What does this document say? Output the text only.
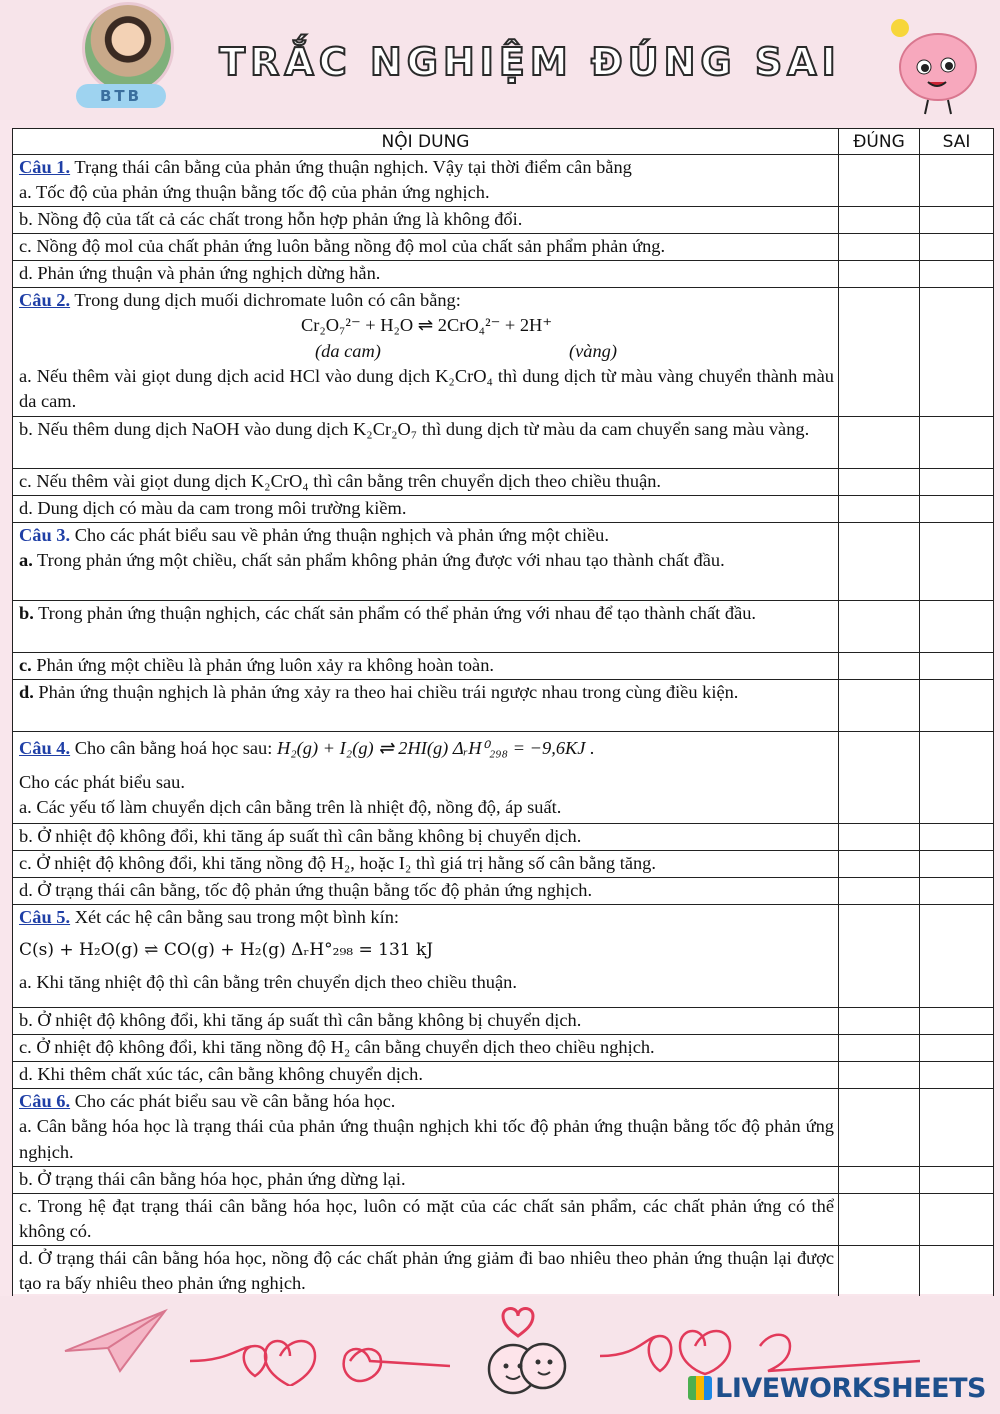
BTB
TRẮC NGHIỆM ĐÚNG SAI
NỘI DUNG	ĐÚNG	SAI
Câu 1. Trạng thái cân bằng của phản ứng thuận nghịch. Vậy tại thời điểm cân bằng
a. Tốc độ của phản ứng thuận bằng tốc độ của phản ứng nghịch.		
b. Nồng độ của tất cả các chất trong hỗn hợp phản ứng là không đổi.		
c. Nồng độ mol của chất phản ứng luôn bằng nồng độ mol của chất sản phẩm phản ứng.		
d. Phản ứng thuận và phản ứng nghịch dừng hẳn.		
Câu 2. Trong dung dịch muối dichromate luôn có cân bằng:
Cr₂O₇²⁻ + H₂O ⇌ 2CrO₄²⁻ + 2H⁺
(da cam) (vàng)
a. Nếu thêm vài giọt dung dịch acid HCl vào dung dịch K₂CrO₄ thì dung dịch từ màu vàng chuyển thành màu da cam.		
b. Nếu thêm dung dịch NaOH vào dung dịch K₂Cr₂O₇ thì dung dịch từ màu da cam chuyển sang màu vàng.		
c. Nếu thêm vài giọt dung dịch K₂CrO₄ thì cân bằng trên chuyển dịch theo chiều thuận.		
d. Dung dịch có màu da cam trong môi trường kiềm.		
Câu 3. Cho các phát biểu sau về phản ứng thuận nghịch và phản ứng một chiều.
a. Trong phản ứng một chiều, chất sản phẩm không phản ứng được với nhau tạo thành chất đầu.		
b. Trong phản ứng thuận nghịch, các chất sản phẩm có thể phản ứng với nhau để tạo thành chất đầu.		
c. Phản ứng một chiều là phản ứng luôn xảy ra không hoàn toàn.		
d. Phản ứng thuận nghịch là phản ứng xảy ra theo hai chiều trái ngược nhau trong cùng điều kiện.		

Câu 4. Cho cân bằng hoá học sau: H₂(g) + I₂(g) ⇌ 2HI(g) ΔᵣH⁰₂₉₈ = −9,6KJ .
Cho các phát biểu sau.
a. Các yếu tố làm chuyển dịch cân bằng trên là nhiệt độ, nồng độ, áp suất.		
b. Ở nhiệt độ không đổi, khi tăng áp suất thì cân bằng không bị chuyển dịch.		
c. Ở nhiệt độ không đổi, khi tăng nồng độ H₂, hoặc I₂ thì giá trị hằng số cân bằng tăng.		
d. Ở trạng thái cân bằng, tốc độ phản ứng thuận bằng tốc độ phản ứng nghịch.		
Câu 5. Xét các hệ cân bằng sau trong một bình kín:
C(s) + H₂O(g) ⇌ CO(g) + H₂(g) ΔᵣH°₂₉₈ = 131 kJ
a. Khi tăng nhiệt độ thì cân bằng trên chuyển dịch theo chiều thuận.		
b. Ở nhiệt độ không đổi, khi tăng áp suất thì cân bằng không bị chuyển dịch.		
c. Ở nhiệt độ không đổi, khi tăng nồng độ H₂ cân bằng chuyển dịch theo chiều nghịch.		
d. Khi thêm chất xúc tác, cân bằng không chuyển dịch.		
Câu 6. Cho các phát biểu sau về cân bằng hóa học.
a. Cân bằng hóa học là trạng thái của phản ứng thuận nghịch khi tốc độ phản ứng thuận bằng tốc độ phản ứng nghịch.		
b. Ở trạng thái cân bằng hóa học, phản ứng dừng lại.		
c. Trong hệ đạt trạng thái cân bằng hóa học, luôn có mặt của các chất sản phẩm, các chất phản ứng có thể không có.		
d. Ở trạng thái cân bằng hóa học, nồng độ các chất phản ứng giảm đi bao nhiêu theo phản ứng thuận lại được tạo ra bấy nhiêu theo phản ứng nghịch.		
LIVEWORKSHEETS
